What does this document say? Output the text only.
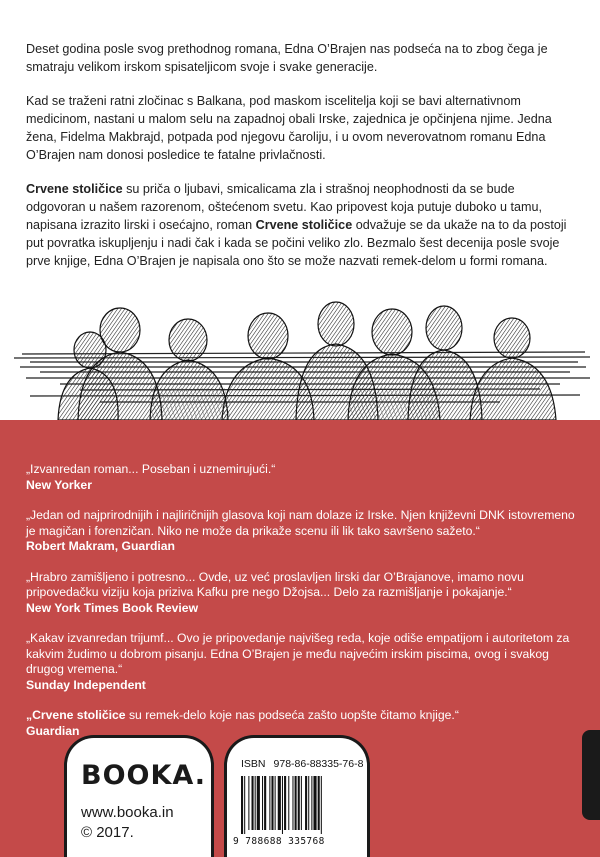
Deset godina posle svog prethodnog romana, Edna O’Brajen nas podseća na to zbog čega je smatraju velikom irskom spisateljicom svoje i svake generacije.

Kad se traženi ratni zločinac s Balkana, pod maskom iscelitelja koji se bavi alternativnom medicinom, nastani u malom selu na zapadnoj obali Irske, zajednica je opčinjena njime. Jedna žena, Fidelma Makbrajd, potpada pod njegovu čaroliju, i u ovom neverovatnom romanu Edna O’Brajen nam donosi posledice te fatalne privlačnosti.

Crvene stoličice su priča o ljubavi, smicalicama zla i strašnoj neophodnosti da se bude odgovoran u našem razorenom, oštećenom svetu. Kao pripovest koja putuje duboko u tamu, napisana izrazito lirski i osećajno, roman Crvene stoličice odvažuje se da ukaže na to da postoji put povratka iskupljenju i nadi čak i kada se počini veliko zlo. Bezmalo šest decenija posle svoje prve knjige, Edna O’Brajen je napisala ono što se može nazvati remek-delom u formi romana.

„Izvanredan roman... Poseban i uznemirujući.“
New Yorker
„Jedan od najprirodnijih i najliričnijih glasova koji nam dolaze iz Irske. Njen književni DNK istovremeno je magičan i forenzičan. Niko ne može da prikaže scenu ili lik tako savršeno sažeto.“
Robert Makram, Guardian
„Hrabro zamišljeno i potresno... Ovde, uz već proslavljen lirski dar O’Brajanove, imamo novu pripovedačku viziju koja priziva Kafku pre nego Džojsa... Delo za razmišljanje i pokajanje.“
New York Times Book Review
„Kakav izvanredan trijumf... Ovo je pripovedanje najvišeg reda, koje odiše empatijom i autoritetom za kakvim žudimo u dobrom pisanju. Edna O’Brajen je među najvećim irskim piscima, ovog i svakog drugog vremena.“
Sunday Independent
„Crvene stoličice su remek-delo koje nas podseća zašto uopšte čitamo knjige.“
Guardian
BOOKA.
www.booka.in
© 2017.
ISBN 978-86-88335-76-8
9 788688 335768
